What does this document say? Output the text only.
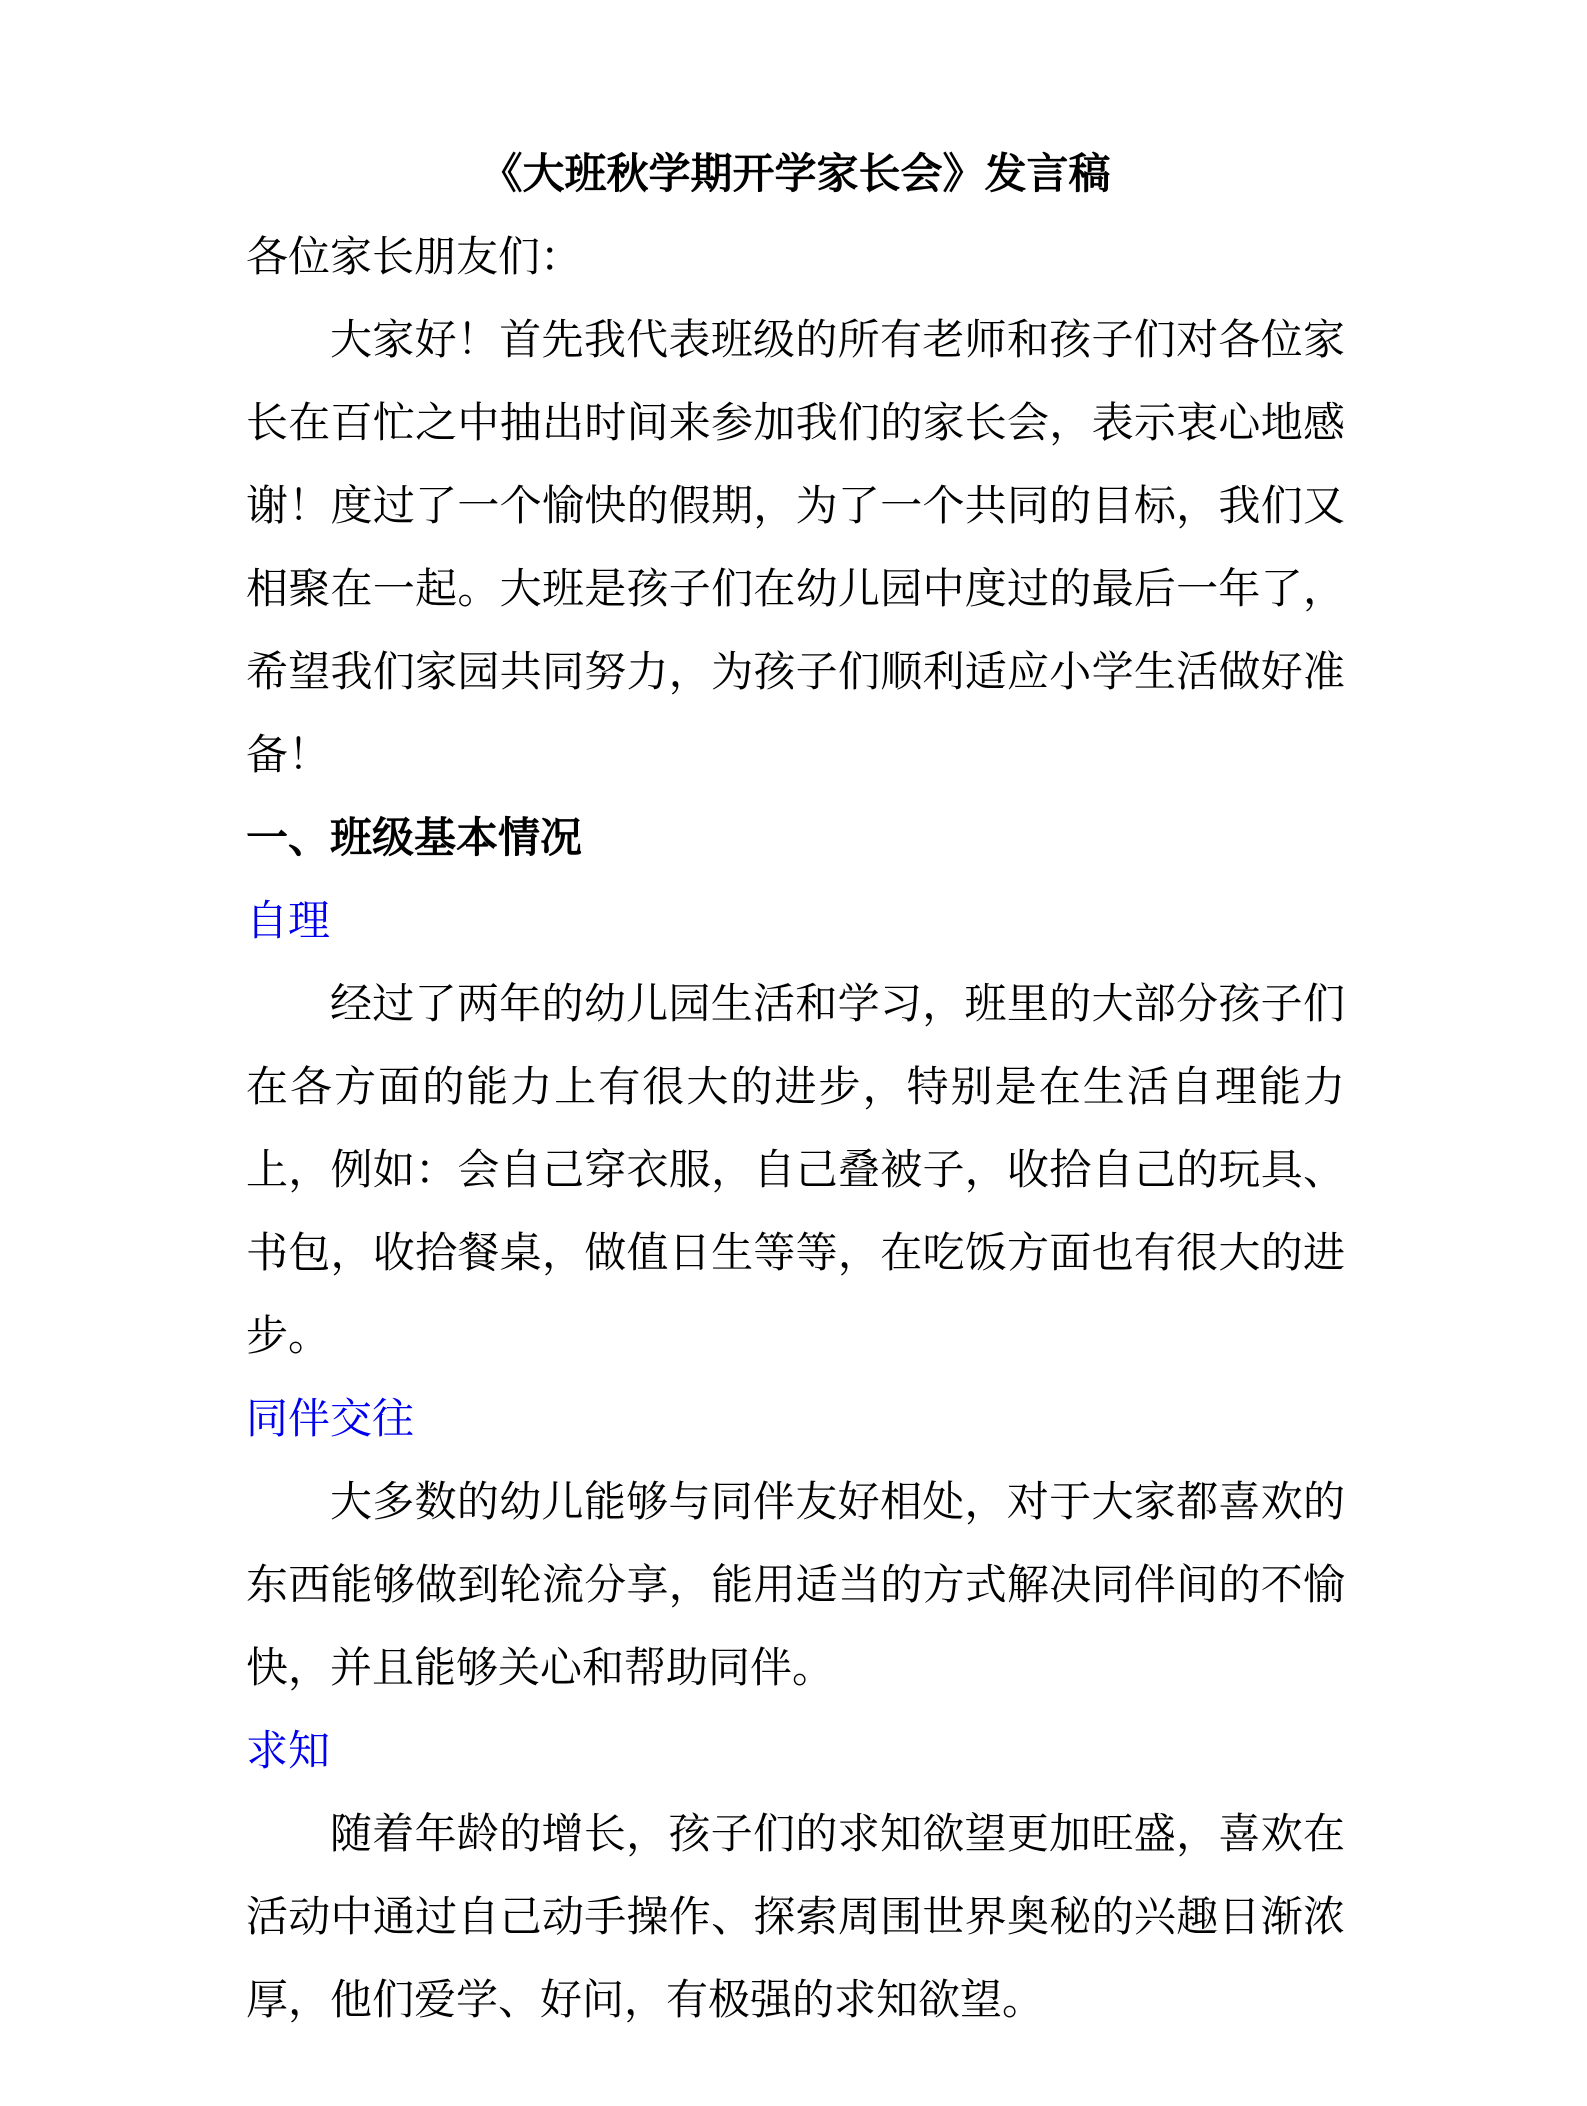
《大班秋学期开学家长会》发言稿

各位家长朋友们：

大家好！首先我代表班级的所有老师和孩子们对各位家长在百忙之中抽出时间来参加我们的家长会，表示衷心地感谢！度过了一个愉快的假期，为了一个共同的目标，我们又相聚在一起。大班是孩子们在幼儿园中度过的最后一年了，希望我们家园共同努力，为孩子们顺利适应小学生活做好准备！

一、班级基本情况
自理

经过了两年的幼儿园生活和学习，班里的大部分孩子们在各方面的能力上有很大的进步，特别是在生活自理能力上，例如：会自己穿衣服，自己叠被子，收拾自己的玩具、书包，收拾餐桌，做值日生等等，在吃饭方面也有很大的进步。

同伴交往

大多数的幼儿能够与同伴友好相处，对于大家都喜欢的东西能够做到轮流分享，能用适当的方式解决同伴间的不愉快，并且能够关心和帮助同伴。

求知

随着年龄的增长，孩子们的求知欲望更加旺盛，喜欢在活动中通过自己动手操作、探索周围世界奥秘的兴趣日渐浓厚，他们爱学、好问，有极强的求知欲望。
